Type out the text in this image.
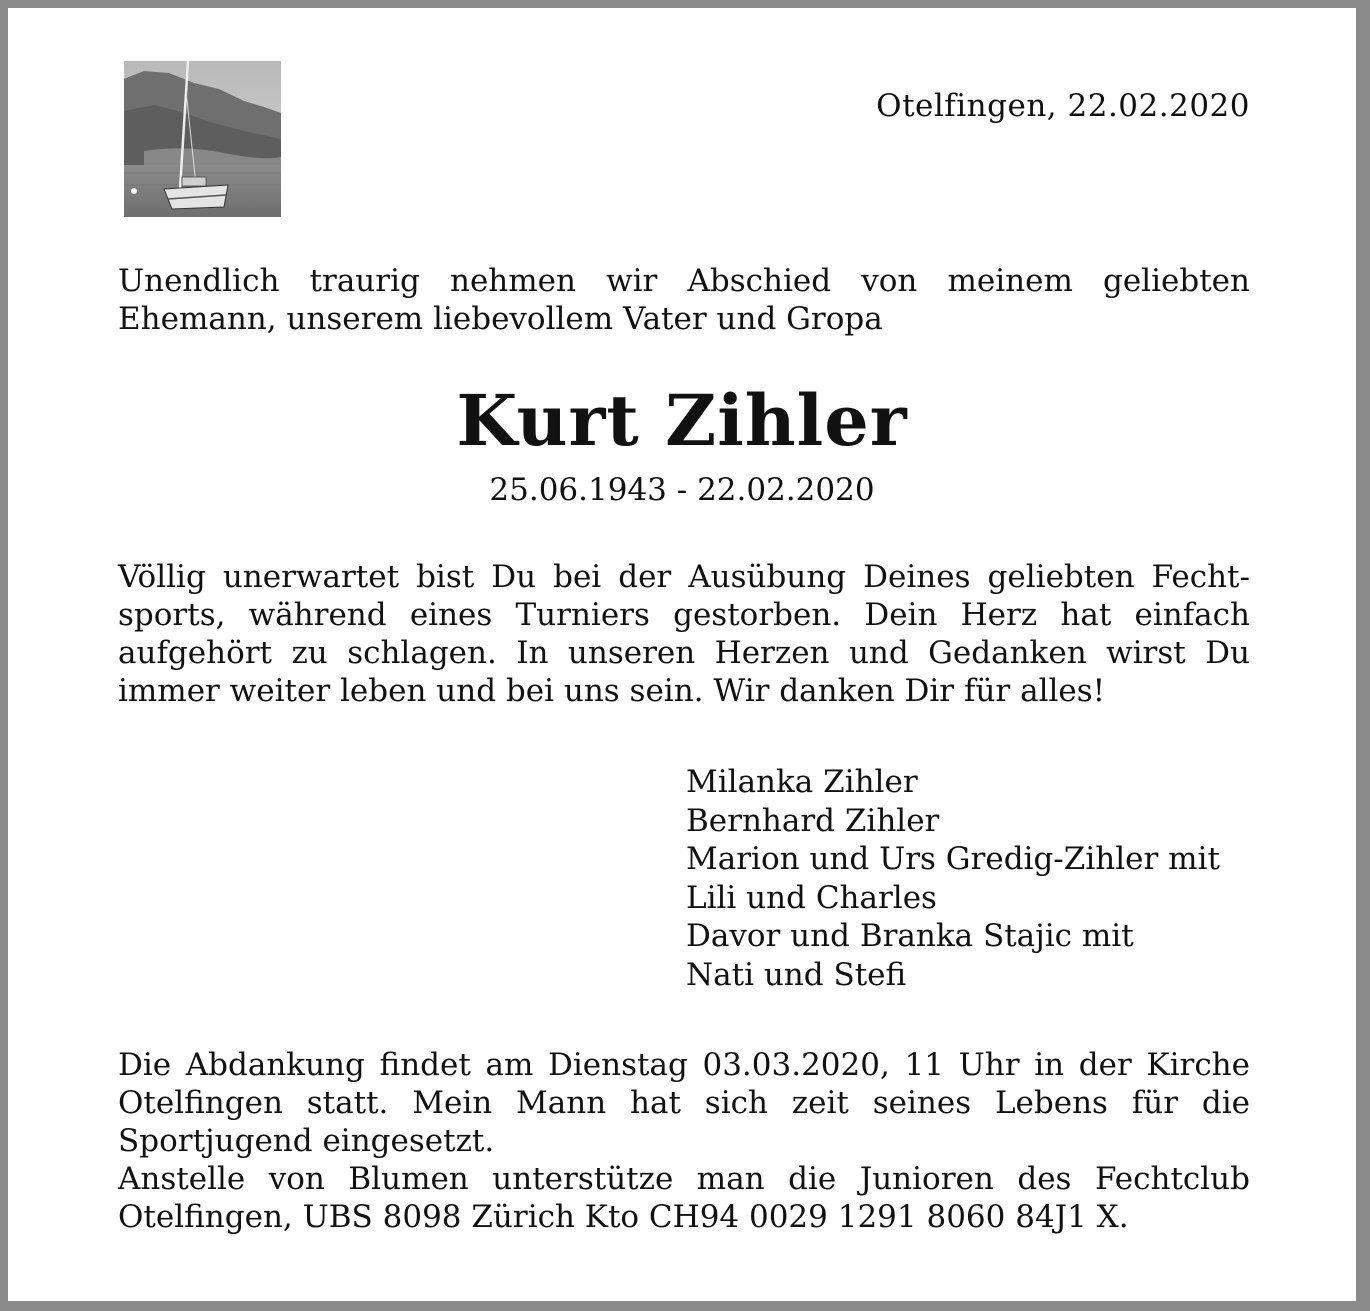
Otelfingen, 22.02.2020
Unendlich traurig nehmen wir Abschied von meinem geliebten Ehemann, unserem liebevollem Vater und Gropa
Kurt Zihler
25.06.1943 - 22.02.2020
Völlig unerwartet bist Du bei der Ausübung Deines geliebten Fecht-sports, während eines Turniers gestorben. Dein Herz hat einfach aufgehört zu schlagen. In unseren Herzen und Gedanken wirst Du immer weiter leben und bei uns sein. Wir danken Dir für alles!
Milanka Zihler
Bernhard Zihler
Marion und Urs Gredig-Zihler mit
Lili und Charles
Davor und Branka Stajic mit
Nati und Stefi
Die Abdankung findet am Dienstag 03.03.2020, 11 Uhr in der Kirche Otelfingen statt. Mein Mann hat sich zeit seines Lebens für die Sportjugend eingesetzt.
Anstelle von Blumen unterstütze man die Junioren des Fechtclub Otelfingen, UBS 8098 Zürich Kto CH94 0029 1291 8060 84J1 X.
